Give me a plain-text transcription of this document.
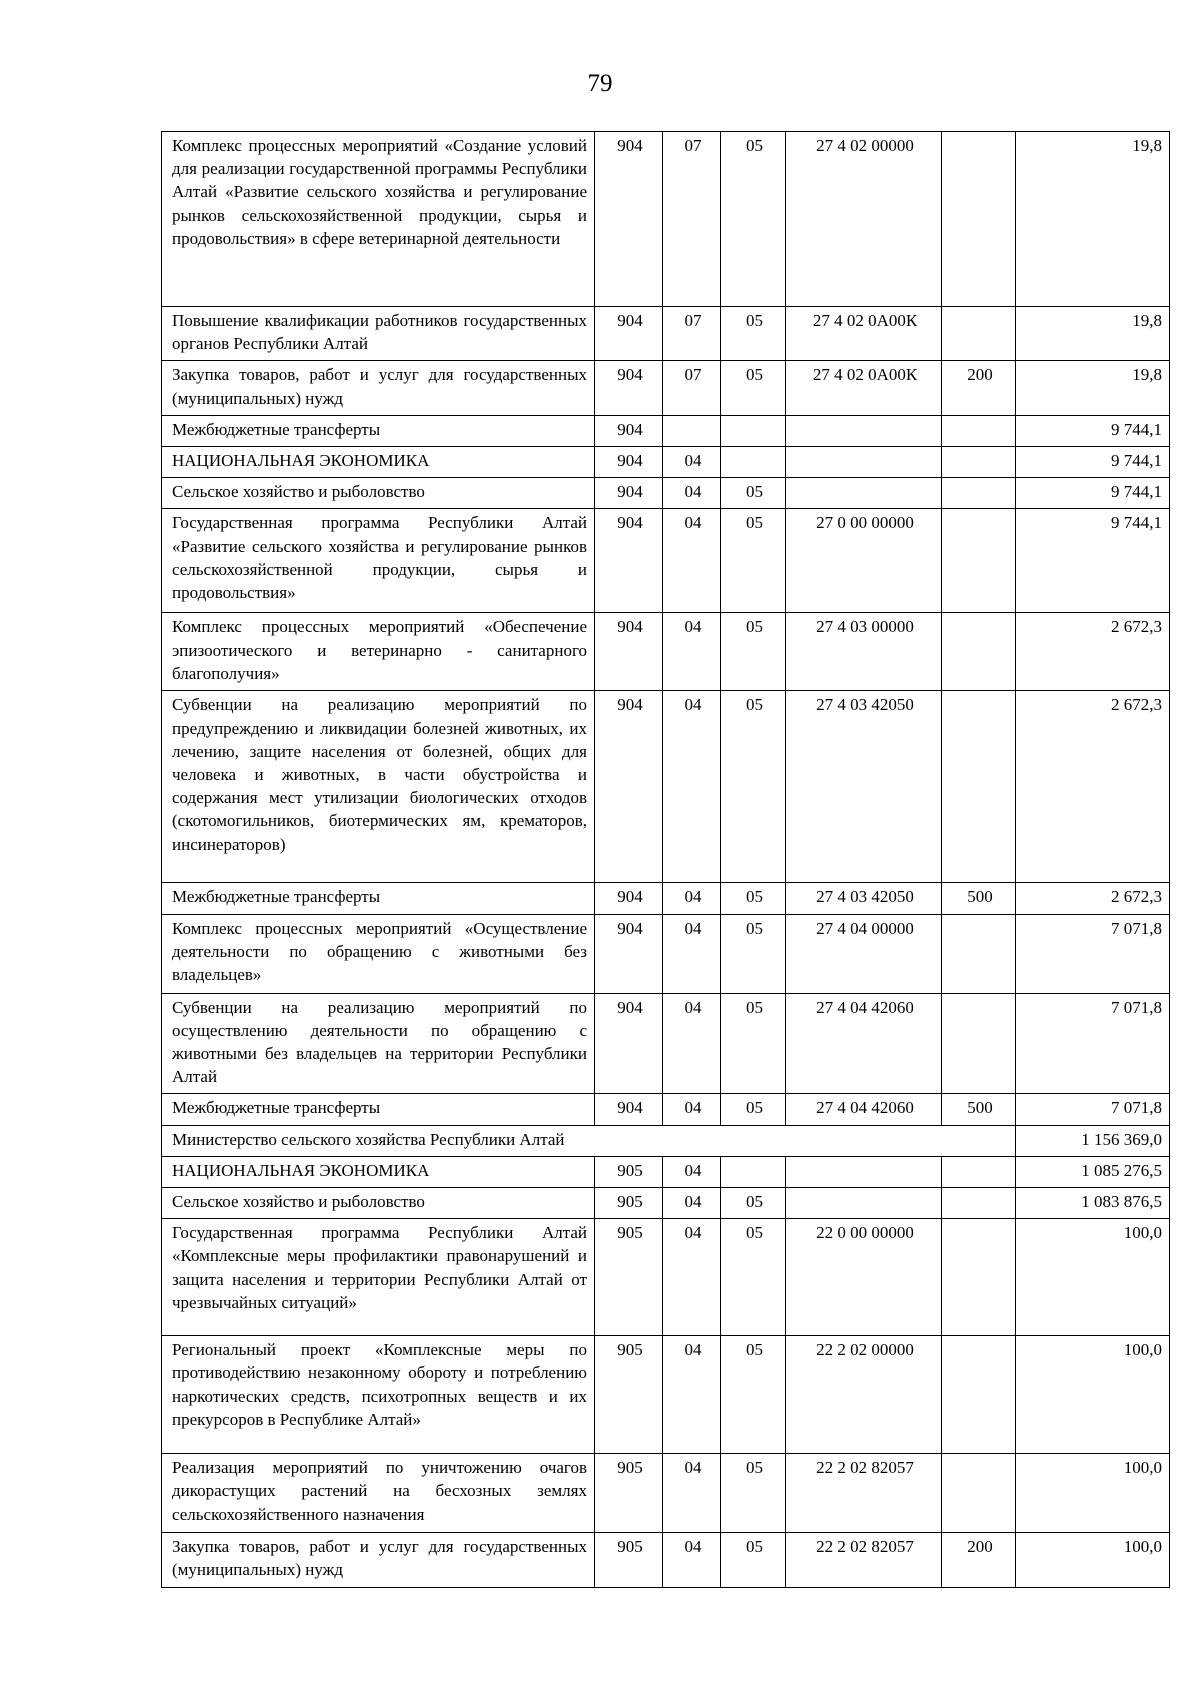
79
Комплекс процессных мероприятий «Создание условий для реализации государственной программы Республики Алтай «Развитие сельского хозяйства и регулирование рынков сельскохозяйственной продукции, сырья и продовольствия» в сфере ветеринарной деятельности	904	07	05	27 4 02 00000		19,8
Повышение квалификации работников государственных органов Республики Алтай	904	07	05	27 4 02 0А00К		19,8
Закупка товаров, работ и услуг для государственных (муниципальных) нужд	904	07	05	27 4 02 0А00К	200	19,8
Межбюджетные трансферты	904					9 744,1
НАЦИОНАЛЬНАЯ ЭКОНОМИКА	904	04				9 744,1
Сельское хозяйство и рыболовство	904	04	05			9 744,1
Государственная программа Республики Алтай «Развитие сельского хозяйства и регулирование рынков сельскохозяйственной продукции, сырья и продовольствия»	904	04	05	27 0 00 00000		9 744,1
Комплекс процессных мероприятий «Обеспечение эпизоотического и ветеринарно - санитарного благополучия»	904	04	05	27 4 03 00000		2 672,3
Субвенции на реализацию мероприятий по предупреждению и ликвидации болезней животных, их лечению, защите населения от болезней, общих для человека и животных, в части обустройства и содержания мест утилизации биологических отходов (скотомогильников, биотермических ям, крематоров, инсинераторов)	904	04	05	27 4 03 42050		2 672,3
Межбюджетные трансферты	904	04	05	27 4 03 42050	500	2 672,3
Комплекс процессных мероприятий «Осуществление деятельности по обращению с животными без владельцев»	904	04	05	27 4 04 00000		7 071,8
Субвенции на реализацию мероприятий по осуществлению деятельности по обращению с животными без владельцев на территории Республики Алтай	904	04	05	27 4 04 42060		7 071,8
Межбюджетные трансферты	904	04	05	27 4 04 42060	500	7 071,8
Министерство сельского хозяйства Республики Алтай						1 156 369,0
НАЦИОНАЛЬНАЯ ЭКОНОМИКА	905	04				1 085 276,5
Сельское хозяйство и рыболовство	905	04	05			1 083 876,5
Государственная программа Республики Алтай «Комплексные меры профилактики правонарушений и защита населения и территории Республики Алтай от чрезвычайных ситуаций»	905	04	05	22 0 00 00000		100,0
Региональный проект «Комплексные меры по противодействию незаконному обороту и потреблению наркотических средств, психотропных веществ и их прекурсоров в Республике Алтай»	905	04	05	22 2 02 00000		100,0
Реализация мероприятий по уничтожению очагов дикорастущих растений на бесхозных землях сельскохозяйственного назначения	905	04	05	22 2 02 82057		100,0
Закупка товаров, работ и услуг для государственных (муниципальных) нужд	905	04	05	22 2 02 82057	200	100,0
